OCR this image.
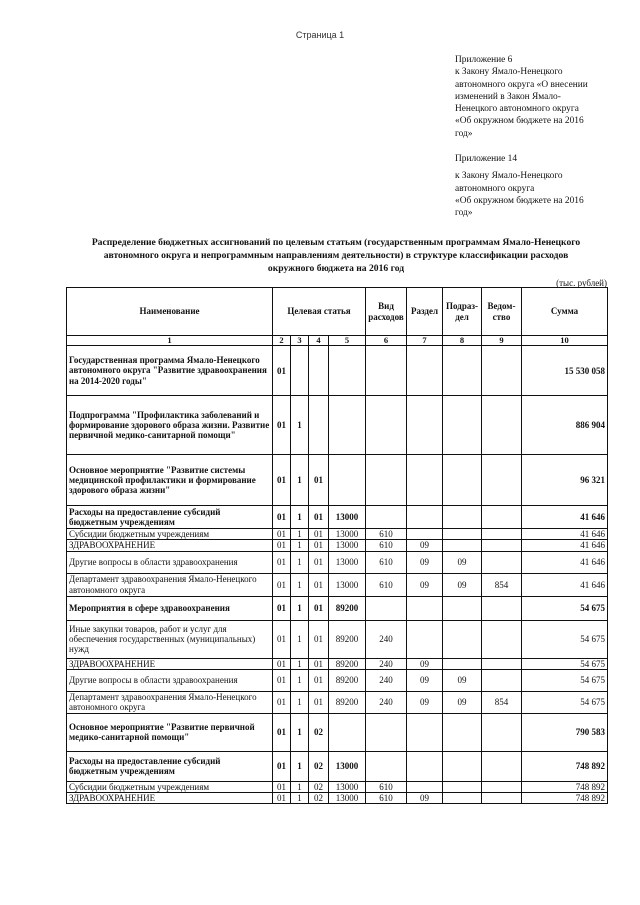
Страница 1

Приложение 6

к Закону Ямало-Ненецкого

автономного округа «О внесении

изменений в Закон Ямало-

Ненецкого автономного округа

«Об окружном бюджете на 2016

год»

Приложение 14

к Закону Ямало-Ненецкого

автономного округа

«Об окружном бюджете на 2016

год»

Распределение бюджетных ассигнований по целевым статьям (государственным программам Ямало-Ненецкого
автономного округа и непрограммным направлениям деятельности) в структуре классификации расходов
окружного бюджета на 2016 год
(тыс. рублей)
Наименование	Целевая статья				Вид расходов	Раздел	Подраз-дел	Ведом-ство	Сумма
1	2	3	4	5	6	7	8	9	10
Государственная программа Ямало-Ненецкого автономного округа "Развитие здравоохранения на 2014-2020 годы"	01								15 530 058
Подпрограмма "Профилактика заболеваний и формирование здорового образа жизни. Развитие первичной медико-санитарной помощи"	01	1							886 904
Основное мероприятие "Развитие системы медицинской профилактики и формирование здорового образа жизни"	01	1	01						96 321
Расходы на предоставление субсидий бюджетным учреждениям	01	1	01	13000					41 646
Субсидии бюджетным учреждениям	01	1	01	13000	610				41 646
ЗДРАВООХРАНЕНИЕ	01	1	01	13000	610	09			41 646
Другие вопросы в области здравоохранения	01	1	01	13000	610	09	09		41 646
Департамент здравоохранения Ямало-Ненецкого автономного округа	01	1	01	13000	610	09	09	854	41 646
Мероприятия в сфере здравоохранения	01	1	01	89200					54 675
Иные закупки товаров, работ и услуг для обеспечения государственных (муниципальных) нужд	01	1	01	89200	240				54 675
ЗДРАВООХРАНЕНИЕ	01	1	01	89200	240	09			54 675
Другие вопросы в области здравоохранения	01	1	01	89200	240	09	09		54 675
Департамент здравоохранения Ямало-Ненецкого автономного округа	01	1	01	89200	240	09	09	854	54 675
Основное мероприятие "Развитие первичной медико-санитарной помощи"	01	1	02						790 583
Расходы на предоставление субсидий бюджетным учреждениям	01	1	02	13000					748 892
Субсидии бюджетным учреждениям	01	1	02	13000	610				748 892
ЗДРАВООХРАНЕНИЕ	01	1	02	13000	610	09			748 892
